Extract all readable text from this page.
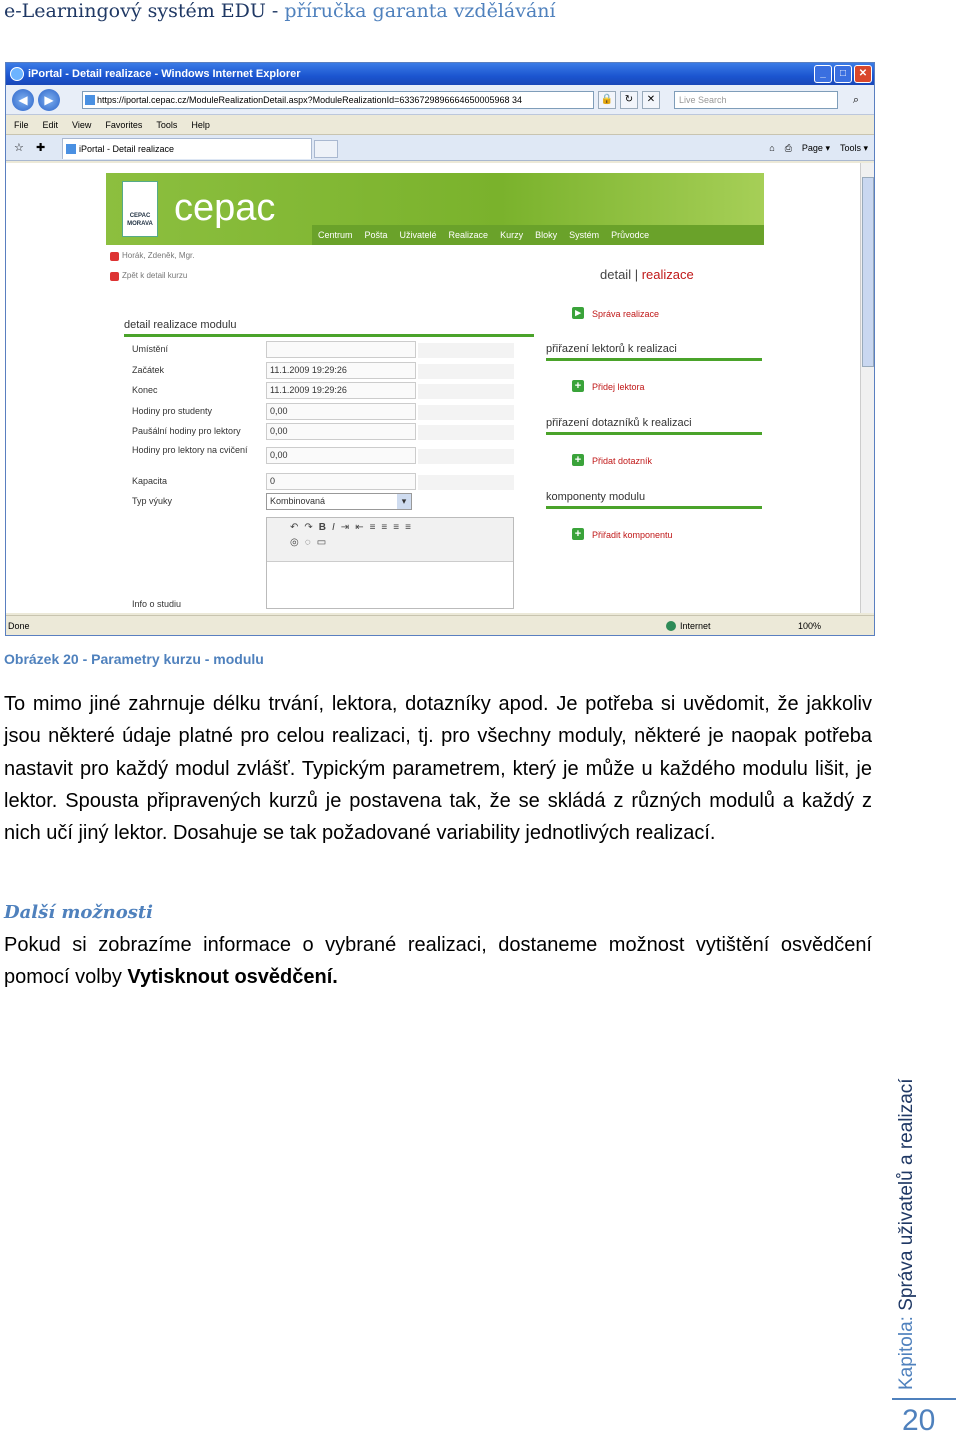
e-Learningový systém EDU - příručka garanta vzdělávání
iPortal - Detail realizace - Windows Internet Explorer	_	□	✕
◀	▶	https://iportal.cepac.cz/ModuleRealizationDetail.aspx?ModuleRealizationId=6336729896664650005968 34	🔒	↻	✕	Live Search	⌕
File Edit View Favorites Tools Help
☆ ✚	iPortal - Detail realizace	⌂ ⎙ Page ▾ Tools ▾
CEPAC MORAVA cepac
Centrum	Pošta	Uživatelé	Realizace	Kurzy	Bloky	Systém	Průvodce
Horák, Zdeněk, Mgr.
Zpět k detail kurzu	detail | realizace
detail realizace modulu
Umístění
Začátek	11.1.2009 19:29:26
Konec	11.1.2009 19:29:26
Hodiny pro studenty	0,00
Paušální hodiny pro lektory	0,00
Hodiny pro lektory na cvičení	0,00
Kapacita	0
Typ výuky	Kombinovaná ▾
↶ ↷ B I ⇥ ⇤ ≡ ≡ ≡ ≡
◎ ◌ ▭
Info o studiu
▸ Správa realizace
přiřazení lektorů k realizaci
+ Přidej lektora
přiřazení dotazníků k realizaci
+ Přidat dotazník
komponenty modulu
+ Přiřadit komponentu
Done	Internet	100%
Obrázek 20 - Parametry kurzu - modulu
To mimo jiné zahrnuje délku trvání, lektora, dotazníky apod. Je potřeba si uvědomit, že jakkoliv jsou některé údaje platné pro celou realizaci, tj. pro všechny moduly, některé je naopak potřeba nastavit pro každý modul zvlášť. Typickým parametrem, který je může u každého modulu lišit, je lektor. Spousta připravených kurzů je postavena tak, že se skládá z různých modulů a každý z nich učí jiný lektor. Dosahuje se tak požadované variability jednotlivých realizací.
Další možnosti
Pokud si zobrazíme informace o vybrané realizaci, dostaneme možnost vytištění osvědčení pomocí volby Vytisknout osvědčení.
Kapitola: Správa uživatelů a realizací
20
